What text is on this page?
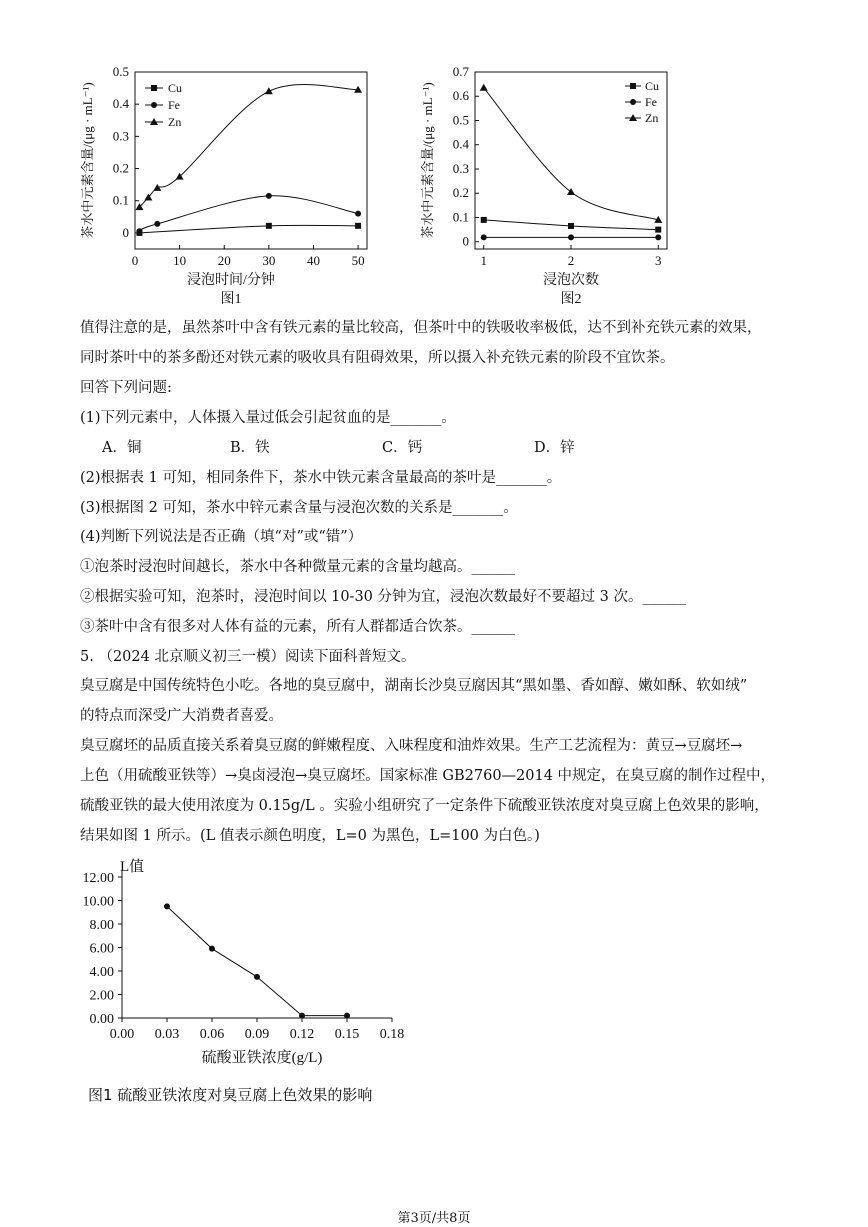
0	10 20 30 40 50
0
0.1
0.2
0.3
0.4
0.5
浸泡时间/分钟
茶水中元素含量/(μg · mL⁻¹)
图1
Cu
Fe
Zn
1	2	3
0
0.1
0.2
0.3
0.4
0.5
0.6
0.7
浸泡次数
茶水中元素含量/(μg · mL⁻¹)
图2
Cu
Fe
Zn
值得注意的是，虽然茶叶中含有铁元素的量比较高，但茶叶中的铁吸收率极低，达不到补充铁元素的效果，
同时茶叶中的茶多酚还对铁元素的吸收具有阻碍效果，所以摄入补充铁元素的阶段不宜饮茶。
回答下列问题:
(1)下列元素中，人体摄入量过低会引起贫血的是_______。
A．铜	B．铁	C．钙	D．锌
(2)根据表 1 可知，相同条件下，茶水中铁元素含量最高的茶叶是_______。
(3)根据图 2 可知，茶水中锌元素含量与浸泡次数的关系是_______。
(4)判断下列说法是否正确（填“对”或“错”）
①泡茶时浸泡时间越长，茶水中各种微量元素的含量均越高。______
②根据实验可知，泡茶时，浸泡时间以 10-30 分钟为宜，浸泡次数最好不要超过 3 次。______
③茶叶中含有很多对人体有益的元素，所有人群都适合饮茶。______
5. （2024 北京顺义初三一模）阅读下面科普短文。
臭豆腐是中国传统特色小吃。各地的臭豆腐中，湖南长沙臭豆腐因其“黑如墨、香如醇、嫩如酥、软如绒”
的特点而深受广大消费者喜爱。
臭豆腐坯的品质直接关系着臭豆腐的鲜嫩程度、入味程度和油炸效果。生产工艺流程为：黄豆→豆腐坯→
上色（用硫酸亚铁等）→臭卤浸泡→臭豆腐坯。国家标准 GB2760—2014 中规定，在臭豆腐的制作过程中，
硫酸亚铁的最大使用浓度为 0.15g/L 。实验小组研究了一定条件下硫酸亚铁浓度对臭豆腐上色效果的影响，
结果如图 1 所示。(L 值表示颜色明度，L=0 为黑色，L=100 为白色。)
0.00 0.03 0.06 0.09 0.12 0.15 0.18
0.00
2.00
4.00
6.00
8.00
10.00
12.00
L值
硫酸亚铁浓度(g/L)
图1 硫酸亚铁浓度对臭豆腐上色效果的影响
第3页/共8页
